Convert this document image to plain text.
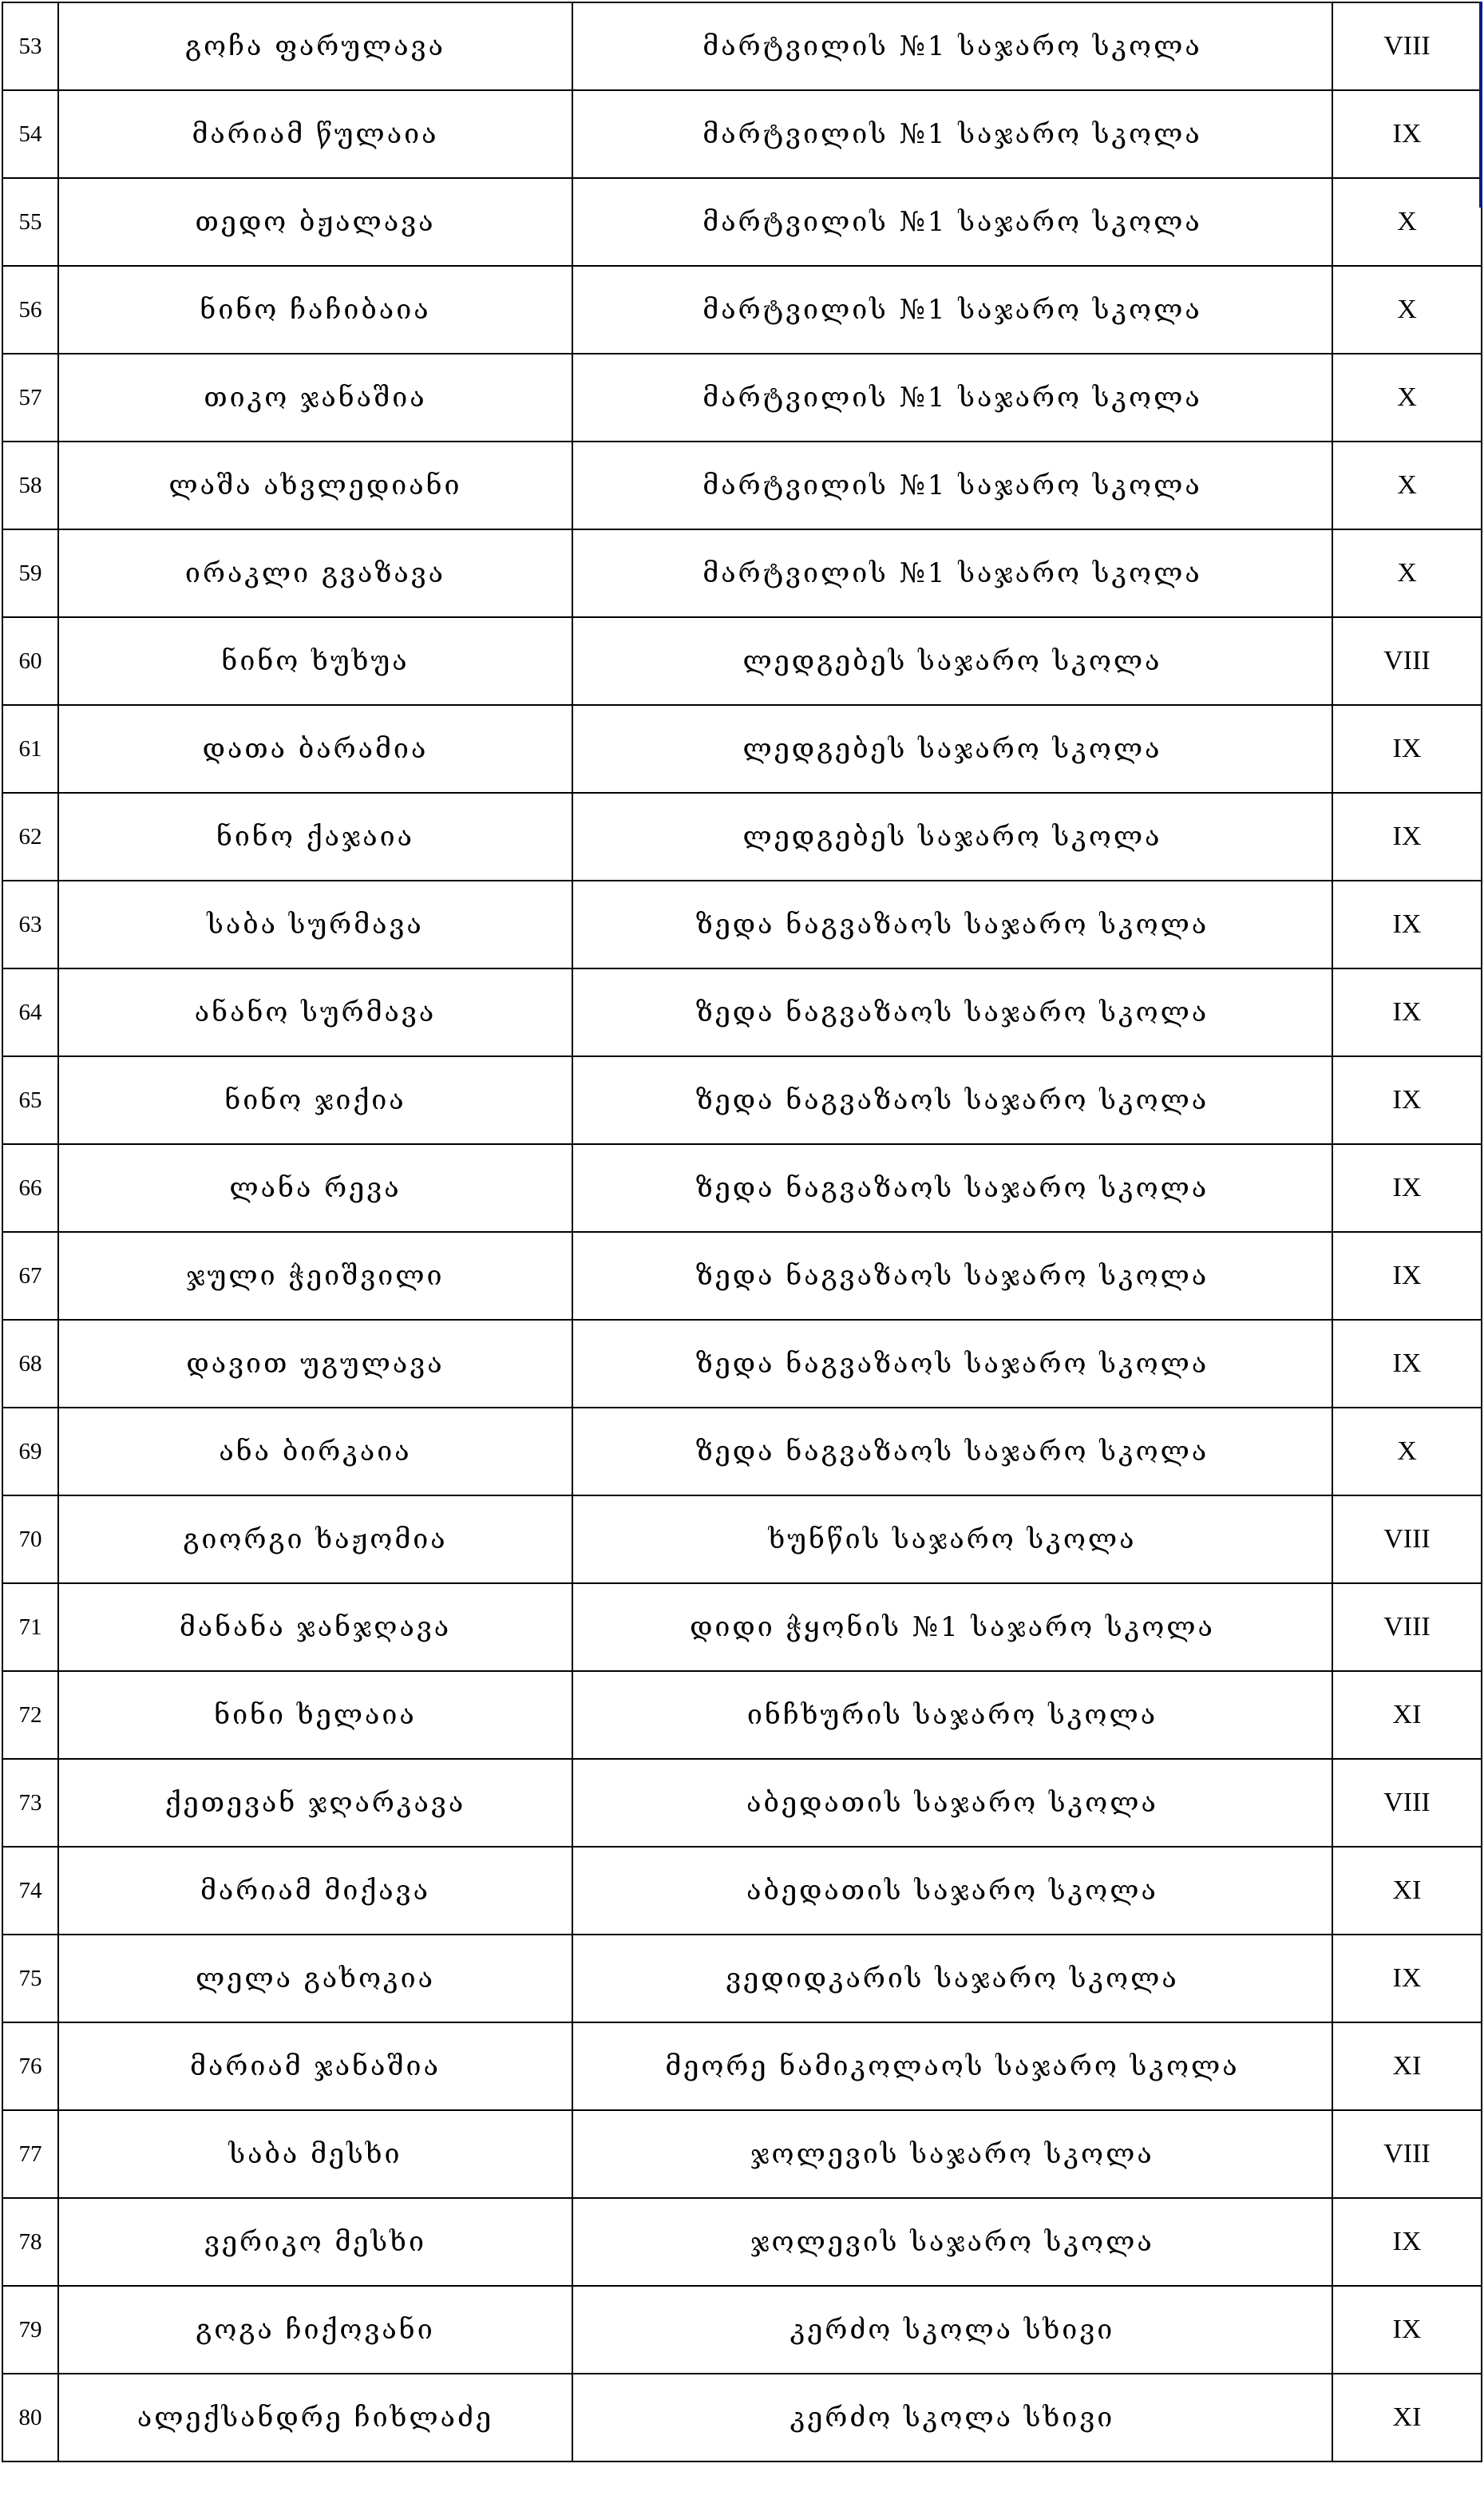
53	გოჩა ფარულავა	მარტვილის №1 საჯარო სკოლა	VIII
54	მარიამ წულაია	მარტვილის №1 საჯარო სკოლა	IX
55	თედო ბჟალავა	მარტვილის №1 საჯარო სკოლა	X
56	ნინო ჩაჩიბაია	მარტვილის №1 საჯარო სკოლა	X
57	თიკო ჯანაშია	მარტვილის №1 საჯარო სკოლა	X
58	ლაშა ახვლედიანი	მარტვილის №1 საჯარო სკოლა	X
59	ირაკლი გვაზავა	მარტვილის №1 საჯარო სკოლა	X
60	ნინო ხუხუა	ლედგებეს საჯარო სკოლა	VIII
61	დათა ბარამია	ლედგებეს საჯარო სკოლა	IX
62	ნინო ქაჯაია	ლედგებეს საჯარო სკოლა	IX
63	საბა სურმავა	ზედა ნაგვაზაოს საჯარო სკოლა	IX
64	ანანო სურმავა	ზედა ნაგვაზაოს საჯარო სკოლა	IX
65	ნინო ჯიქია	ზედა ნაგვაზაოს საჯარო სკოლა	IX
66	ლანა რევა	ზედა ნაგვაზაოს საჯარო სკოლა	IX
67	ჯული ჭეიშვილი	ზედა ნაგვაზაოს საჯარო სკოლა	IX
68	დავით უგულავა	ზედა ნაგვაზაოს საჯარო სკოლა	IX
69	ანა ბირკაია	ზედა ნაგვაზაოს საჯარო სკოლა	X
70	გიორგი ხაჟომია	ხუნწის საჯარო სკოლა	VIII
71	მანანა ჯანჯღავა	დიდი ჭყონის №1 საჯარო სკოლა	VIII
72	ნინი ხელაია	ინჩხურის საჯარო სკოლა	XI
73	ქეთევან ჯღარკავა	აბედათის საჯარო სკოლა	VIII
74	მარიამ მიქავა	აბედათის საჯარო სკოლა	XI
75	ლელა გახოკია	ვედიდკარის საჯარო სკოლა	IX
76	მარიამ ჯანაშია	მეორე ნამიკოლაოს საჯარო სკოლა	XI
77	საბა მესხი	ჯოლევის საჯარო სკოლა	VIII
78	ვერიკო მესხი	ჯოლევის საჯარო სკოლა	IX
79	გოგა ჩიქოვანი	კერძო სკოლა სხივი	IX
80	ალექსანდრე ჩიხლაძე	კერძო სკოლა სხივი	XI
